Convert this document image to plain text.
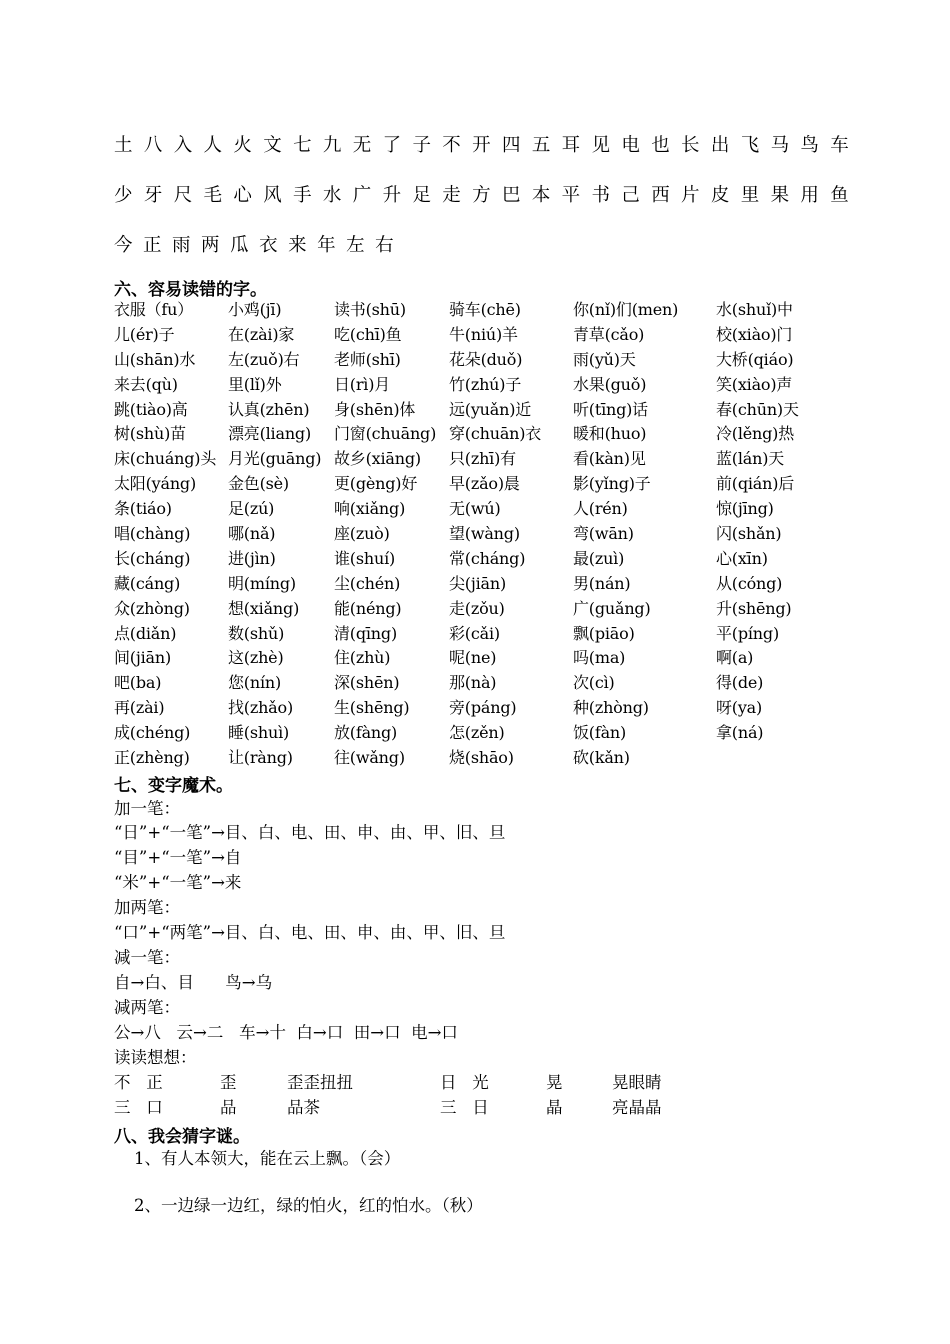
土 八 入 人 火 文 七 九 无 了 子 不 开 四 五 耳 见 电 也 长 出 飞 马 鸟 车
少 牙 尺 毛 心 风 手 水 广 升 足 走 方 巴 本 平 书 己 西 片 皮 里 果 用 鱼
今 正 雨 两 瓜 衣 来 年 左 右
六、容易读错的字。
衣服（fu） 小鸡(jī)	读书(shū)	骑车(chē)	你(nǐ)们(men) 水(shuǐ)中
儿(ér)子	在(zài)家 吃(chī)鱼	牛(niú)羊	青草(cǎo)	校(xiào)门
山(shān)水 左(zuǒ)右 老师(shī)	花朵(duǒ)	雨(yǔ)天	大桥(qiáo)
来去(qù)	里(lǐ)外	日(rì)月	竹(zhú)子	水果(guǒ)	笑(xiào)声
跳(tiào)高	认真(zhēn) 身(shēn)体 远(yuǎn)近	听(tīng)话	春(chūn)天
树(shù)苗	漂亮(liang) 门窗(chuāng) 穿(chuān)衣 暖和(huo)	冷(lěng)热
床(chuáng)头 月光(guāng) 故乡(xiāng) 只(zhī)有	看(kàn)见	蓝(lán)天
太阳(yáng) 金色(sè)	更(gèng)好 早(zǎo)晨	影(yǐng)子	前(qián)后
条(tiáo)	足(zú)	响(xiǎng)	无(wú)	人(rén)	惊(jīng)
唱(chàng) 哪(nǎ)	座(zuò)	望(wàng)	弯(wān)	闪(shǎn)
长(cháng) 进(jìn)	谁(shuí)	常(cháng)	最(zuì)	心(xīn)
藏(cáng)	明(míng) 尘(chén)	尖(jiān)	男(nán)	从(cóng)
众(zhòng) 想(xiǎng) 能(néng)	走(zǒu)	广(guǎng)	升(shēng)
点(diǎn)	数(shǔ)	清(qīng)	彩(cǎi)	飘(piāo)	平(píng)
间(jiān)	这(zhè)	住(zhù)	呢(ne)	吗(ma)	啊(a)
吧(ba)	您(nín)	深(shēn)	那(nà)	次(cì)	得(de)
再(zài)	找(zhǎo)	生(shēng) 旁(páng)	种(zhòng)	呀(ya)
成(chéng) 睡(shuì)	放(fàng)	怎(zěn)	饭(fàn)	拿(ná)
正(zhèng) 让(ràng)	往(wǎng)	烧(shāo)	砍(kǎn)
七、变字魔术。
加一笔：
“日”+“一笔”→目、白、电、田、申、由、甲、旧、旦
“目”+“一笔”→自
“米”+“一笔”→来
加两笔：
“口”+“两笔”→目、白、电、田、申、由、甲、旧、旦
减一笔：
自→白、目      鸟→乌
减两笔：
公→八   云→二   车→十  白→口  田→口  电→口
读读想想：
不   正	歪	歪歪扭扭	日   光	晃	晃眼睛
三   口	品	品茶	三   日	晶	亮晶晶
八、我会猜字谜。
1、有人本领大，能在云上飘。（会）
2、一边绿一边红，绿的怕火，红的怕水。（秋）
